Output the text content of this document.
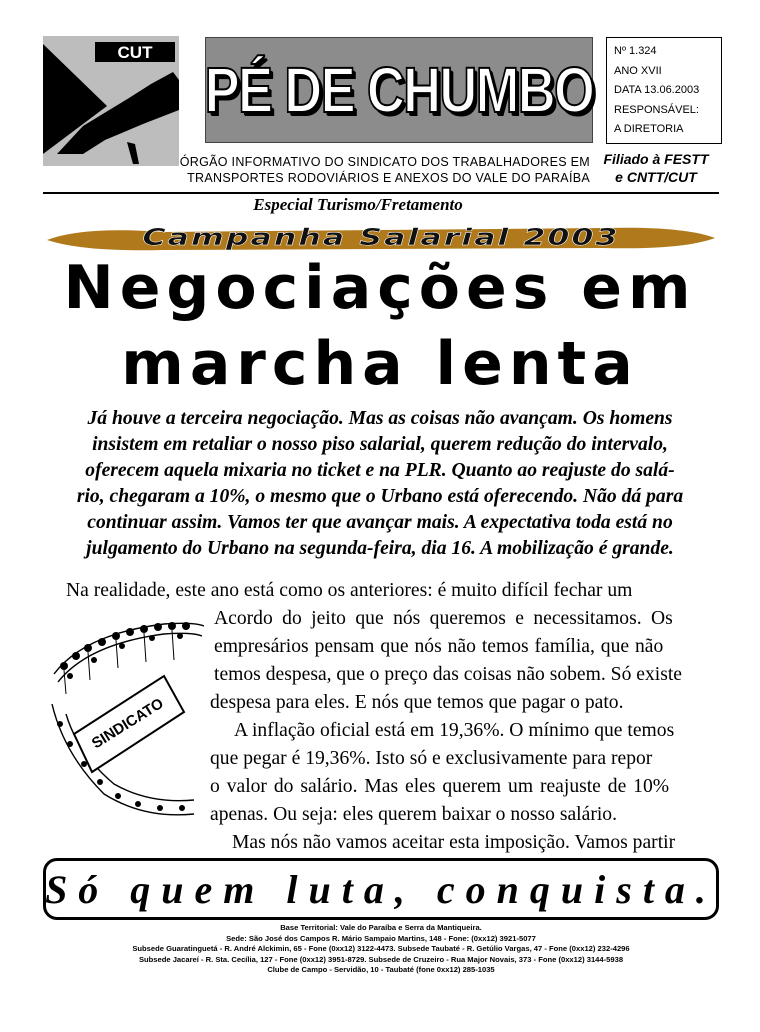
CUT
PÉ DE CHUMBO
Nº 1.324
ANO XVII
DATA 13.06.2003
RESPONSÁVEL:
A DIRETORIA
ÓRGÃO INFORMATIVO DO SINDICATO DOS TRABALHADORES EM
TRANSPORTES RODOVIÁRIOS E ANEXOS DO VALE DO PARAÍBA
Filiado à FESTT
e CNTT/CUT
Especial Turismo/Fretamento
Campanha Salarial 2003
Negociações em
marcha lenta
Já houve a terceira negociação. Mas as coisas não avançam. Os homens
insistem em retaliar o nosso piso salarial, querem redução do intervalo,
oferecem aquela mixaria no ticket e na PLR. Quanto ao reajuste do salá-
rio, chegaram a 10%, o mesmo que o Urbano está oferecendo. Não dá para
continuar assim. Vamos ter que avançar mais. A expectativa toda está no
julgamento do Urbano na segunda-feira, dia 16. A mobilização é grande.
SINDICATO
Na realidade, este ano está como os anteriores: é muito difícil fechar um
Acordo do jeito que nós queremos e necessitamos. Os
empresários pensam que nós não temos família, que não
temos despesa, que o preço das coisas não sobem. Só existe
despesa para eles. E nós que temos que pagar o pato.
A inflação oficial está em 19,36%. O mínimo que temos
que pegar é 19,36%. Isto só e exclusivamente para repor
o valor do salário. Mas eles querem um reajuste de 10%
apenas. Ou seja: eles querem baixar o nosso salário.
Mas nós não vamos aceitar esta imposição. Vamos partir
Só quem luta, conquista.
Base Territorial: Vale do Paraíba e Serra da Mantiqueira.
Sede: São José dos Campos R. Mário Sampaio Martins, 148 - Fone: (0xx12) 3921-5077
Subsede Guaratinguetá - R. André Alckimin, 65 - Fone (0xx12) 3122-4473. Subsede Taubaté - R. Getúlio Vargas, 47 - Fone (0xx12) 232-4296
Subsede Jacareí - R. Sta. Cecília, 127 - Fone (0xx12) 3951-8729. Subsede de Cruzeiro - Rua Major Novais, 373 - Fone (0xx12) 3144-5938
Clube de Campo - Servidão, 10 - Taubaté (fone 0xx12) 285-1035
